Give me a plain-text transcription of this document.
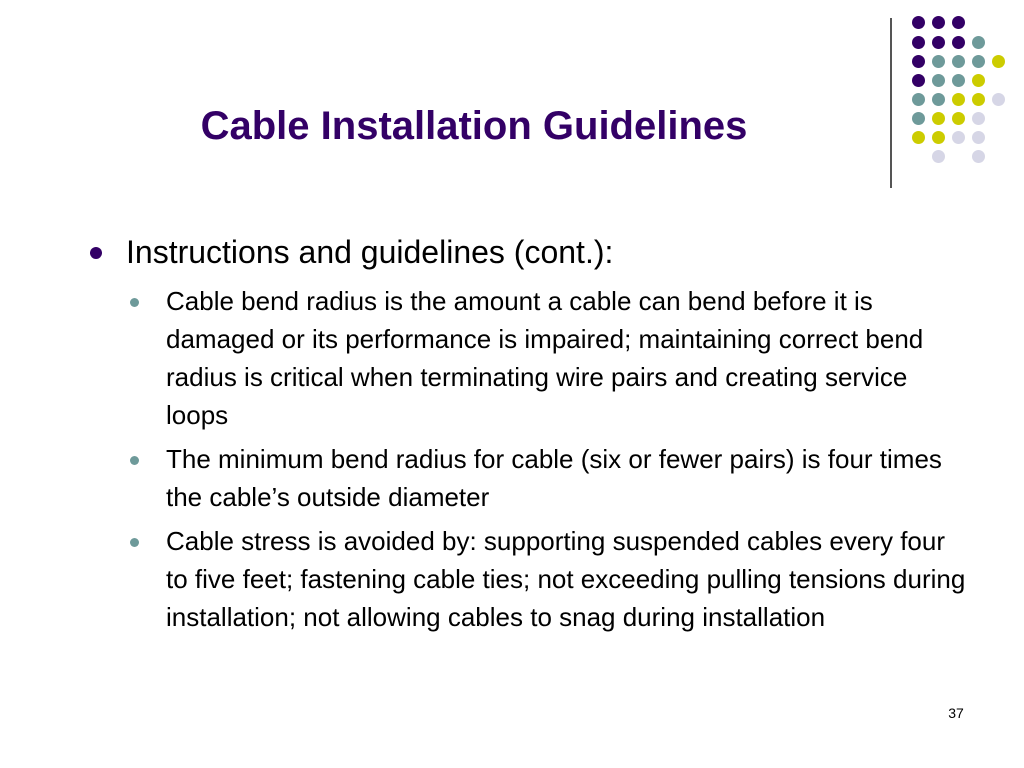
Cable Installation Guidelines
Instructions and guidelines (cont.):
Cable bend radius is the amount a cable can bend before it is damaged or its performance is impaired; maintaining correct bend radius is critical when terminating wire pairs and creating service loops
The minimum bend radius for cable (six or fewer pairs) is four times the cable’s outside diameter
Cable stress is avoided by: supporting suspended cables every four to five feet; fastening cable ties; not exceeding pulling tensions during installation; not allowing cables to snag during installation
37
